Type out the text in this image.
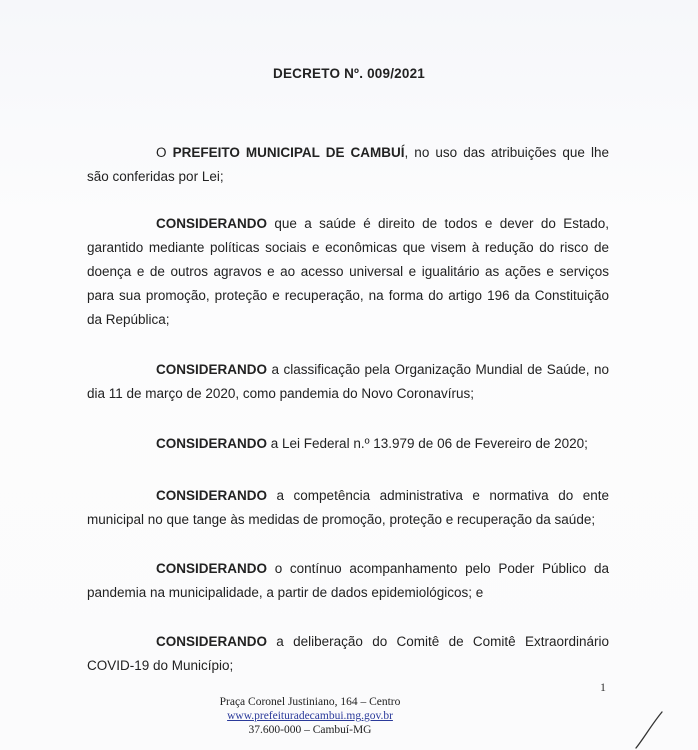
DECRETO Nº. 009/2021

O PREFEITO MUNICIPAL DE CAMBUÍ, no uso das atribuições que lhe são conferidas por Lei;

CONSIDERANDO que a saúde é direito de todos e dever do Estado, garantido mediante políticas sociais e econômicas que visem à redução do risco de doença e de outros agravos e ao acesso universal e igualitário as ações e serviços para sua promoção, proteção e recuperação, na forma do artigo 196 da Constituição da República;

CONSIDERANDO a classificação pela Organização Mundial de Saúde, no dia 11 de março de 2020, como pandemia do Novo Coronavírus;

CONSIDERANDO a Lei Federal n.º 13.979 de 06 de Fevereiro de 2020;

CONSIDERANDO a competência administrativa e normativa do ente municipal no que tange às medidas de promoção, proteção e recuperação da saúde;

CONSIDERANDO o contínuo acompanhamento pelo Poder Público da pandemia na municipalidade, a partir de dados epidemiológicos; e

CONSIDERANDO a deliberação do Comitê de Comitê Extraordinário COVID-19 do Município;

1
Praça Coronel Justiniano, 164 – Centro
www.prefeituradecambui.mg.gov.br
37.600-000 – Cambuí-MG
